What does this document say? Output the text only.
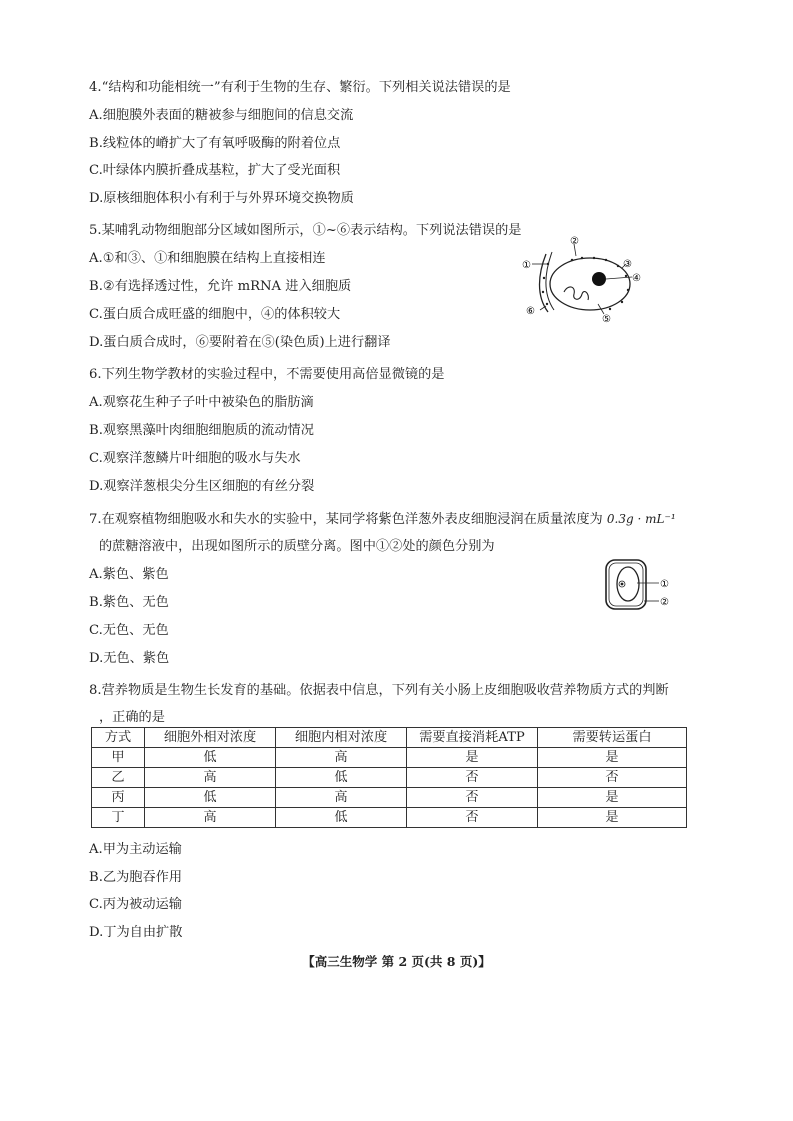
4.“结构和功能相统一”有利于生物的生存、繁衍。下列相关说法错误的是
A.细胞膜外表面的糖被参与细胞间的信息交流
B.线粒体的嵴扩大了有氧呼吸酶的附着位点
C.叶绿体内膜折叠成基粒，扩大了受光面积
D.原核细胞体积小有利于与外界环境交换物质
5.某哺乳动物细胞部分区域如图所示，①~⑥表示结构。下列说法错误的是
A.①和③、①和细胞膜在结构上直接相连
B.②有选择透过性，允许 mRNA 进入细胞质
C.蛋白质合成旺盛的细胞中，④的体积较大
D.蛋白质合成时，⑥要附着在⑤(染色质)上进行翻译
①
②
③
④
⑤
⑥
6.下列生物学教材的实验过程中，不需要使用高倍显微镜的是
A.观察花生种子子叶中被染色的脂肪滴
B.观察黑藻叶肉细胞细胞质的流动情况
C.观察洋葱鳞片叶细胞的吸水与失水
D.观察洋葱根尖分生区细胞的有丝分裂
7.在观察植物细胞吸水和失水的实验中，某同学将紫色洋葱外表皮细胞浸润在质量浓度为 0.3g · mL⁻¹
的蔗糖溶液中，出现如图所示的质壁分离。图中①②处的颜色分别为
A.紫色、紫色
B.紫色、无色
C.无色、无色
D.无色、紫色
①
②
8.营养物质是生物生长发育的基础。依据表中信息，下列有关小肠上皮细胞吸收营养物质方式的判断
，正确的是
方式	细胞外相对浓度	细胞内相对浓度	需要直接消耗ATP	需要转运蛋白
甲	低	高	是	是
乙	高	低	否	否
丙	低	高	否	是
丁	高	低	否	是
A.甲为主动运输
B.乙为胞吞作用
C.丙为被动运输
D.丁为自由扩散
【高三生物学 第 2 页(共 8 页)】
